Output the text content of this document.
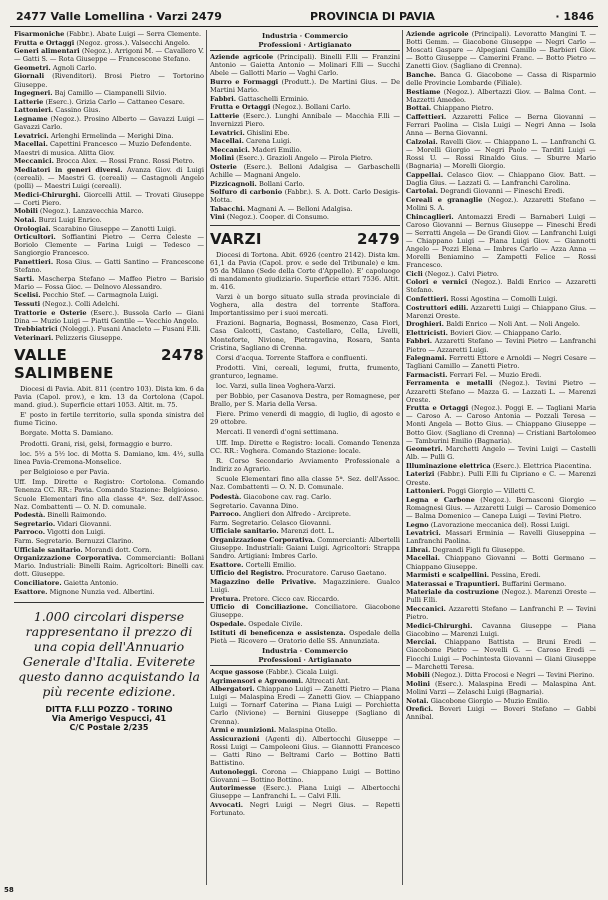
2477 Valle Lomellina · Varzi 2479	PROVINCIA DI PAVIA	· 1846
Fisarmoniche (Fabbr.). Abate Luigi — Serra Clemente.
Frutta e Ortaggi (Negoz. gross.). Valsecchi Angelo.
Generi alimentari (Negoz.). Arrigoni M. — Cavallero V. — Gatti S. — Rota Giuseppe — Francescone Stefano.
Geometri. Agnoli Carlo.
Giornali (Rivenditori). Brosi Pietro — Tortorino Giuseppe.
Ingegneri. Baj Camillo — Ciampanelli Silvio.
Latterie (Eserc.). Grizia Carlo — Cattaneo Cesare.
Lattonieri. Cassino Gius.
Legname (Negoz.). Prosino Alberto — Gavazzi Luigi — Gavazzi Carlo.
Levatrici. Arlenghi Ermelinda — Merighi Dina.
Macellai. Capettini Francesco — Muzio Defendente.
Maestri di musica. Alitta Giov.
Meccanici. Brocca Alex. — Rossi Franc. Rossi Pietro.
Mediatori in generi diversi. Avanza Giov. di Luigi (cereali). — Maestri G. (cereali) — Castagnoli Angelo (polli) — Maestri Luigi (cereali).
Medici-Chirurghi. Giorcelli Attil. — Trovati Giuseppe — Corti Piero.
Mobili (Negoz.). Lanzavecchia Marco.
Notai. Burzi Luigi Enrico.
Orologiai. Scarabino Giuseppe — Zanotti Luigi.
Orticultori. Soffiantini Pietro — Cerra Celeste — Boriolo Clemente — Farina Luigi — Tedesco — Sangiorgio Francesco.
Panettieri. Rosa Gius. — Gatti Santino — Francescone Stefano.
Sarti. Mascherpa Stefano — Maffeo Pietro — Barisio Mario — Fossa Gioc. — Delnovo Alessandro.
Scelisi. Pecchio Stef. — Carmagnola Luigi.
Tessuti (Negoz.). Colli Adelchi.
Trattorie e Osterie (Eserc.). Bussola Carlo — Giani Dina — Muzio Luigi — Piatti Gentile — Vecchio Angelo.
Trebbiatrici (Noleggi.). Fusani Anacleto — Fusani F.lli.
Veterinari. Pelizzeris Giuseppe.
VALLE SALIMBENE
2478
Diocesi di Pavia. Abit. 811 (centro 103). Dista km. 6 da Pavia (Capol. prov.), e km. 13 da Cortolona (Capol. mand. giud.). Superficie ettari 1053. Altit. m. 75.
E' posto in fertile territorio, sulla sponda sinistra del fiume Ticino.
Borgate. Motta S. Damiano.
Prodotti. Grani, risi, gelsi, formaggio e burro.
loc. 5½ a 5½ loc. di Motta S. Damiano, km. 4½, sulla linea Pavia-Cremona-Monselice.
per Belgioioso e per Pavia.
Uff. Imp. Dirette e Registro: Cortolona. Comando Tenenza CC. RR.: Pavia. Comando Stazione: Belgioioso.
Scuole Elementari fino alla classe 4ª. Sez. dell'Assoc. Naz. Combattenti — O. N. D. comunale.
Podestà. Binelli Raimondo.
Segretario. Vidari Giovanni.
Parroco. Vigotti don Luigi.
Farm. Segretario. Bernuzzi Clarino.
Ufficiale sanitario. Morandi dott. Corn.
Organizzazione Corporativa. Commercianti: Bollani Mario. Industriali: Binelli Raim. Agricoltori: Binelli cav. dott. Giuseppe.
Conciliatore. Gaietta Antonio.
Esattore. Mignone Nunzia ved. Albertini.
1.000 circolari disperse rappresentano il prezzo di una copia dell'Annuario Generale d'Italia. Eviterete questo danno acquistando la più recente edizione.
DITTA F.LLI POZZO - TORINO
Via Amerigo Vespucci, 41
C/C Postale 2/235
58
Industria · Commercio
Professioni · Artigianato
Aziende agricole (Principali). Binelli F.lli — Franzini Antonio — Gaietta Antonio — Molinari F.lli — Succhi Abele — Gallotti Mario — Vaghi Carlo.
Burro e Formaggi (Produtt.). De Martini Gius. — De Martini Mario.
Fabbri. Gattaschelli Erminio.
Frutta e Ortaggi (Negoz.). Bollani Carlo.
Latterie (Eserc.). Lunghi Annibale — Macchia F.lli — Invernizzi Piero.
Levatrici. Ghislini Ebe.
Macellai. Carena Luigi.
Meccanici. Maderi Emilio.
Molini (Eserc.). Grazioli Angelo — Pirola Pietro.
Osterie (Eserc.). Belloni Adalgisa — Garbaschelli Achille — Magnani Angelo.
Pizzicagnoli. Bollani Carlo.
Solfuro di carbonio (Fabbr.). S. A. Dott. Carlo Desigis-Motta.
Tabacchi. Magnani A. — Belloni Adalgisa.
Vini (Negoz.). Cooper. di Consumo.
VARZI	2479
Diocesi di Tortona. Abit. 6926 (centro 2142). Dista km. 61,1 da Pavia (Capol. prov. e sede del Tribunale) e km. 95 da Milano (Sede della Corte d'Appello). E' capoluogo di mandamento giudiziario. Superficie ettari 7536. Altit. m. 416.
Varzi è un borgo situato sulla strada provinciale di Voghera, alla destra del torrente Staffora. Importantissimo per i suoi mercati.
Frazioni. Bagnaria, Bognassi, Bosmenzo, Casa Fiori, Casa Galcotti, Castano, Castellaro, Cella, Livelli, Monteforte, Nivione, Pietragavina, Rosara, Santa Cristina, Sagliano di Crenna.
Corsi d'acqua. Torrente Staffora e confluenti.
Prodotti. Vini, cereali, legumi, frutta, frumento, granturco, legname.
loc. Varzi, sulla linea Voghera-Varzi.
per Bobbio, per Casanova Destra, per Romagnese, per Brallo, per S. Maria della Versa.
Fiere. Primo venerdì di maggio, di luglio, di agosto e 29 ottobre.
Mercati. Il venerdì d'ogni settimana.
Uff. Imp. Dirette e Registro: locali. Comando Tenenza CC. RR.: Voghera. Comando Stazione: locale.
R. Corso Secondario Avviamento Professionale a Indiriz zo Agrario.
Scuole Elementari fino alla classe 5ª. Sez. dell'Assoc. Naz. Combattenti — O. N. D. Comunale.
Podestà. Giacobone cav. rag. Carlo.
Segretario. Cavanna Dino.
Parroco. Anglieri don Alfredo - Arciprete.
Farm. Segretario. Celasco Giovanni.
Ufficiale sanitario. Marenzi dott. L.
Organizzazione Corporativa. Commercianti: Albertelli Giuseppe. Industriali: Gaiani Luigi. Agricoltori: Strappa Sandro. Artigiani: Imbres Carlo.
Esattore. Cortelli Emilio.
Ufficio del Registro. Procuratore. Caruso Gaetano.
Magazzino delle Privative. Magazziniere. Gualco Luigi.
Pretura. Pretore. Cicco cav. Riccardo.
Ufficio di Conciliazione. Conciliatore. Giacobone Giuseppe.
Ospedale. Ospedale Civile.
Istituti di beneficenza e assistenza. Ospedale della Pietà — Ricovero — Oratorio delle SS. Annunziata.
Industria · Commercio
Professioni · Artigianato
Acque gassose (Fabbr.). Cicala Luigi.
Agrimensori e Agronomi. Altrecati Ant.
Albergatori. Chiappano Luigi — Zanetti Pietro — Piana Luigi — Malaspina Eredi — Zanetti Giov. — Chiappano Luigi — Tornarf Caterina — Piana Luigi — Porchietta Carlo (Nivione) — Bernini Giuseppe (Sagliano di Crenna).
Armi e munizioni. Malaspina Otello.
Assicurazioni (Agenti di). Albertocchi Giuseppe — Rossi Luigi — Campoleoni Gius. — Giannotti Francesco — Gatti Rino — Beltrami Carlo — Bottino Batti Battistino.
Autonoleggi. Corona — Chiappano Luigi — Bottino Giovanni — Bottino Bottino.
Autorimesse (Eserc.). Piana Luigi — Albertocchi Giuseppe — Lanfranchi L. — Calvi F.lli.
Avvocati. Negri Luigi — Negri Gius. — Repetti Fortunato.
Aziende agricole (Principali). Levoratto Mangini T. — Botti Gemm. — Giacobone Giuseppe — Negri Carlo — Moscati Gaspare — Alpegiani Camillo — Barbieri Giov. — Botto Giuseppe — Camerini Franc. — Botto Pietro — Zanetti Giov. (Sagliano di Crenna).
Banche. Banca G. Giacobone — Cassa di Risparmio delle Provincie Lombarde (Filiale).
Bestiame (Negoz.). Albertazzi Giov. — Balma Cont. — Mazzetti Amedeo.
Bottai. Chiappano Pietro.
Caffettieri. Azzaretti Felice — Berna Giovanni — Ferrari Paolina — Cisla Luigi — Negri Anna — Isola Anna — Berna Giovanni.
Calzolai. Ravelli Giov. — Chiappano L. — Lanfranchi G. — Morelli Giorgio — Negri Paolo — Tarditi Luigi — Rossi U. — Rossi Rinaldo Gius. — Sburre Mario (Bagnaria) — Morelli Giorgio.
Cappellai. Celasco Giov. — Chiappano Giov. Batt. — Daglia Gius. — Lazzati G. — Lanfranchi Carolina.
Cartolai. Degrandi Giovanni — Fineschi Eredi.
Cereali e granaglie (Negoz.). Azzaretti Stefano — Molini S. A.
Chincaglieri. Antomazzi Eredi — Barnaberi Luigi — Caroso Giovanni — Bernus Giuseppe — Fineschi Eredi — Serratti Angela — De Grandi Giov. — Lanfranchi Luigi — Chiappano Luigi — Piana Luigi Giov. — Giannotti Angelo — Pozzi Elena — Imbres Carlo — Azza Anna — Morelli Beniamino — Zampetti Felice — Rossi Francesco.
Cicli (Negoz.). Calvi Pietro.
Colori e vernici (Negoz.). Baldi Enrico — Azzaretti Stefano.
Confettieri. Rossi Agostina — Comolli Luigi.
Costruttori edili. Azzaretti Luigi — Chiappano Gius. — Marenzi Oreste.
Droghieri. Baldi Enrico — Noli Ant. — Noli Angelo.
Elettricisti. Bovieri Giov. — Chiappano Carlo.
Fabbri. Azzaretti Stefano — Tevini Pietro — Lanfranchi Pietro — Azzaretti Luigi.
Falegnami. Ferretti Ettore e Arnoldi — Negri Cesare — Tagliani Camillo — Zanetti Pietro.
Farmacisti. Ferrari Fel. — Muzio Eredi.
Ferramenta e metalli (Negoz.). Tevini Pietro — Azzaretti Stefano — Mazza G. — Lazzati L. — Marenzi Oreste.
Frutta e Ortaggi (Negoz.). Poggi E. — Tagliani Maria — Caroso A. — Caroso Antonia — Pozzali Teresa — Monti Angela — Botto Gius. — Chiappano Giuseppe — Botto Giov. (Sagliano di Crenna) — Cristiani Bartolomeo — Tamburini Emilio (Bagnaria).
Geometri. Marchetti Angelo — Tevini Luigi — Castelli Alb. — Pulli G.
Illuminazione elettrica (Eserc.). Elettrica Piacentina.
Laterizi (Fabbr.). Pulli F.lli fu Cipriano e C. — Marenzi Oreste.
Lattonieri. Poggi Giorgio — Villetti C.
Legna e Carbone (Negoz.). Bernasconi Giorgio — Romagnesi Gius. — Azzaretti Luigi — Carosio Domenico — Balma Domenico — Canepa Luigi — Tevini Pietro.
Legno (Lavorazione meccanica del). Rossi Luigi.
Levatrici. Massari Erminia — Ravelli Giuseppina — Lanfranchi Paolina.
Librai. Degrandi Figli fu Giuseppe.
Macellai. Chiappano Giovanni — Botti Germano — Chiappano Giuseppe.
Marmisti e scalpellini. Pessina, Eredi.
Materassai e Trapuntieri. Buffarini Germano.
Materiale da costruzione (Negoz.). Marenzi Oreste — Pulli F.lli.
Meccanici. Azzaretti Stefano — Lanfranchi P. — Tevini Pietro.
Medici-Chirurghi. Cavanna Giuseppe — Piana Giacobino — Marenzi Luigi.
Merciai. Chiappano Battista — Bruni Eredi — Giacobone Pietro — Novelli G. — Caroso Eredi — Fiocchi Luigi — Pochintesta Giovanni — Giani Giuseppe — Marchetti Teresa.
Mobili (Negoz.). Ditta Frocosi e Negri — Tevini Pierino.
Molini (Eserc.). Malaspina Eredi — Malaspina Ant. Molini Varzi — Zelaschi Luigi (Bagnaria).
Notai. Giacobone Giorgio — Muzio Emilio.
Orefici. Boveri Luigi — Boveri Stefano — Gabbi Annibal.
